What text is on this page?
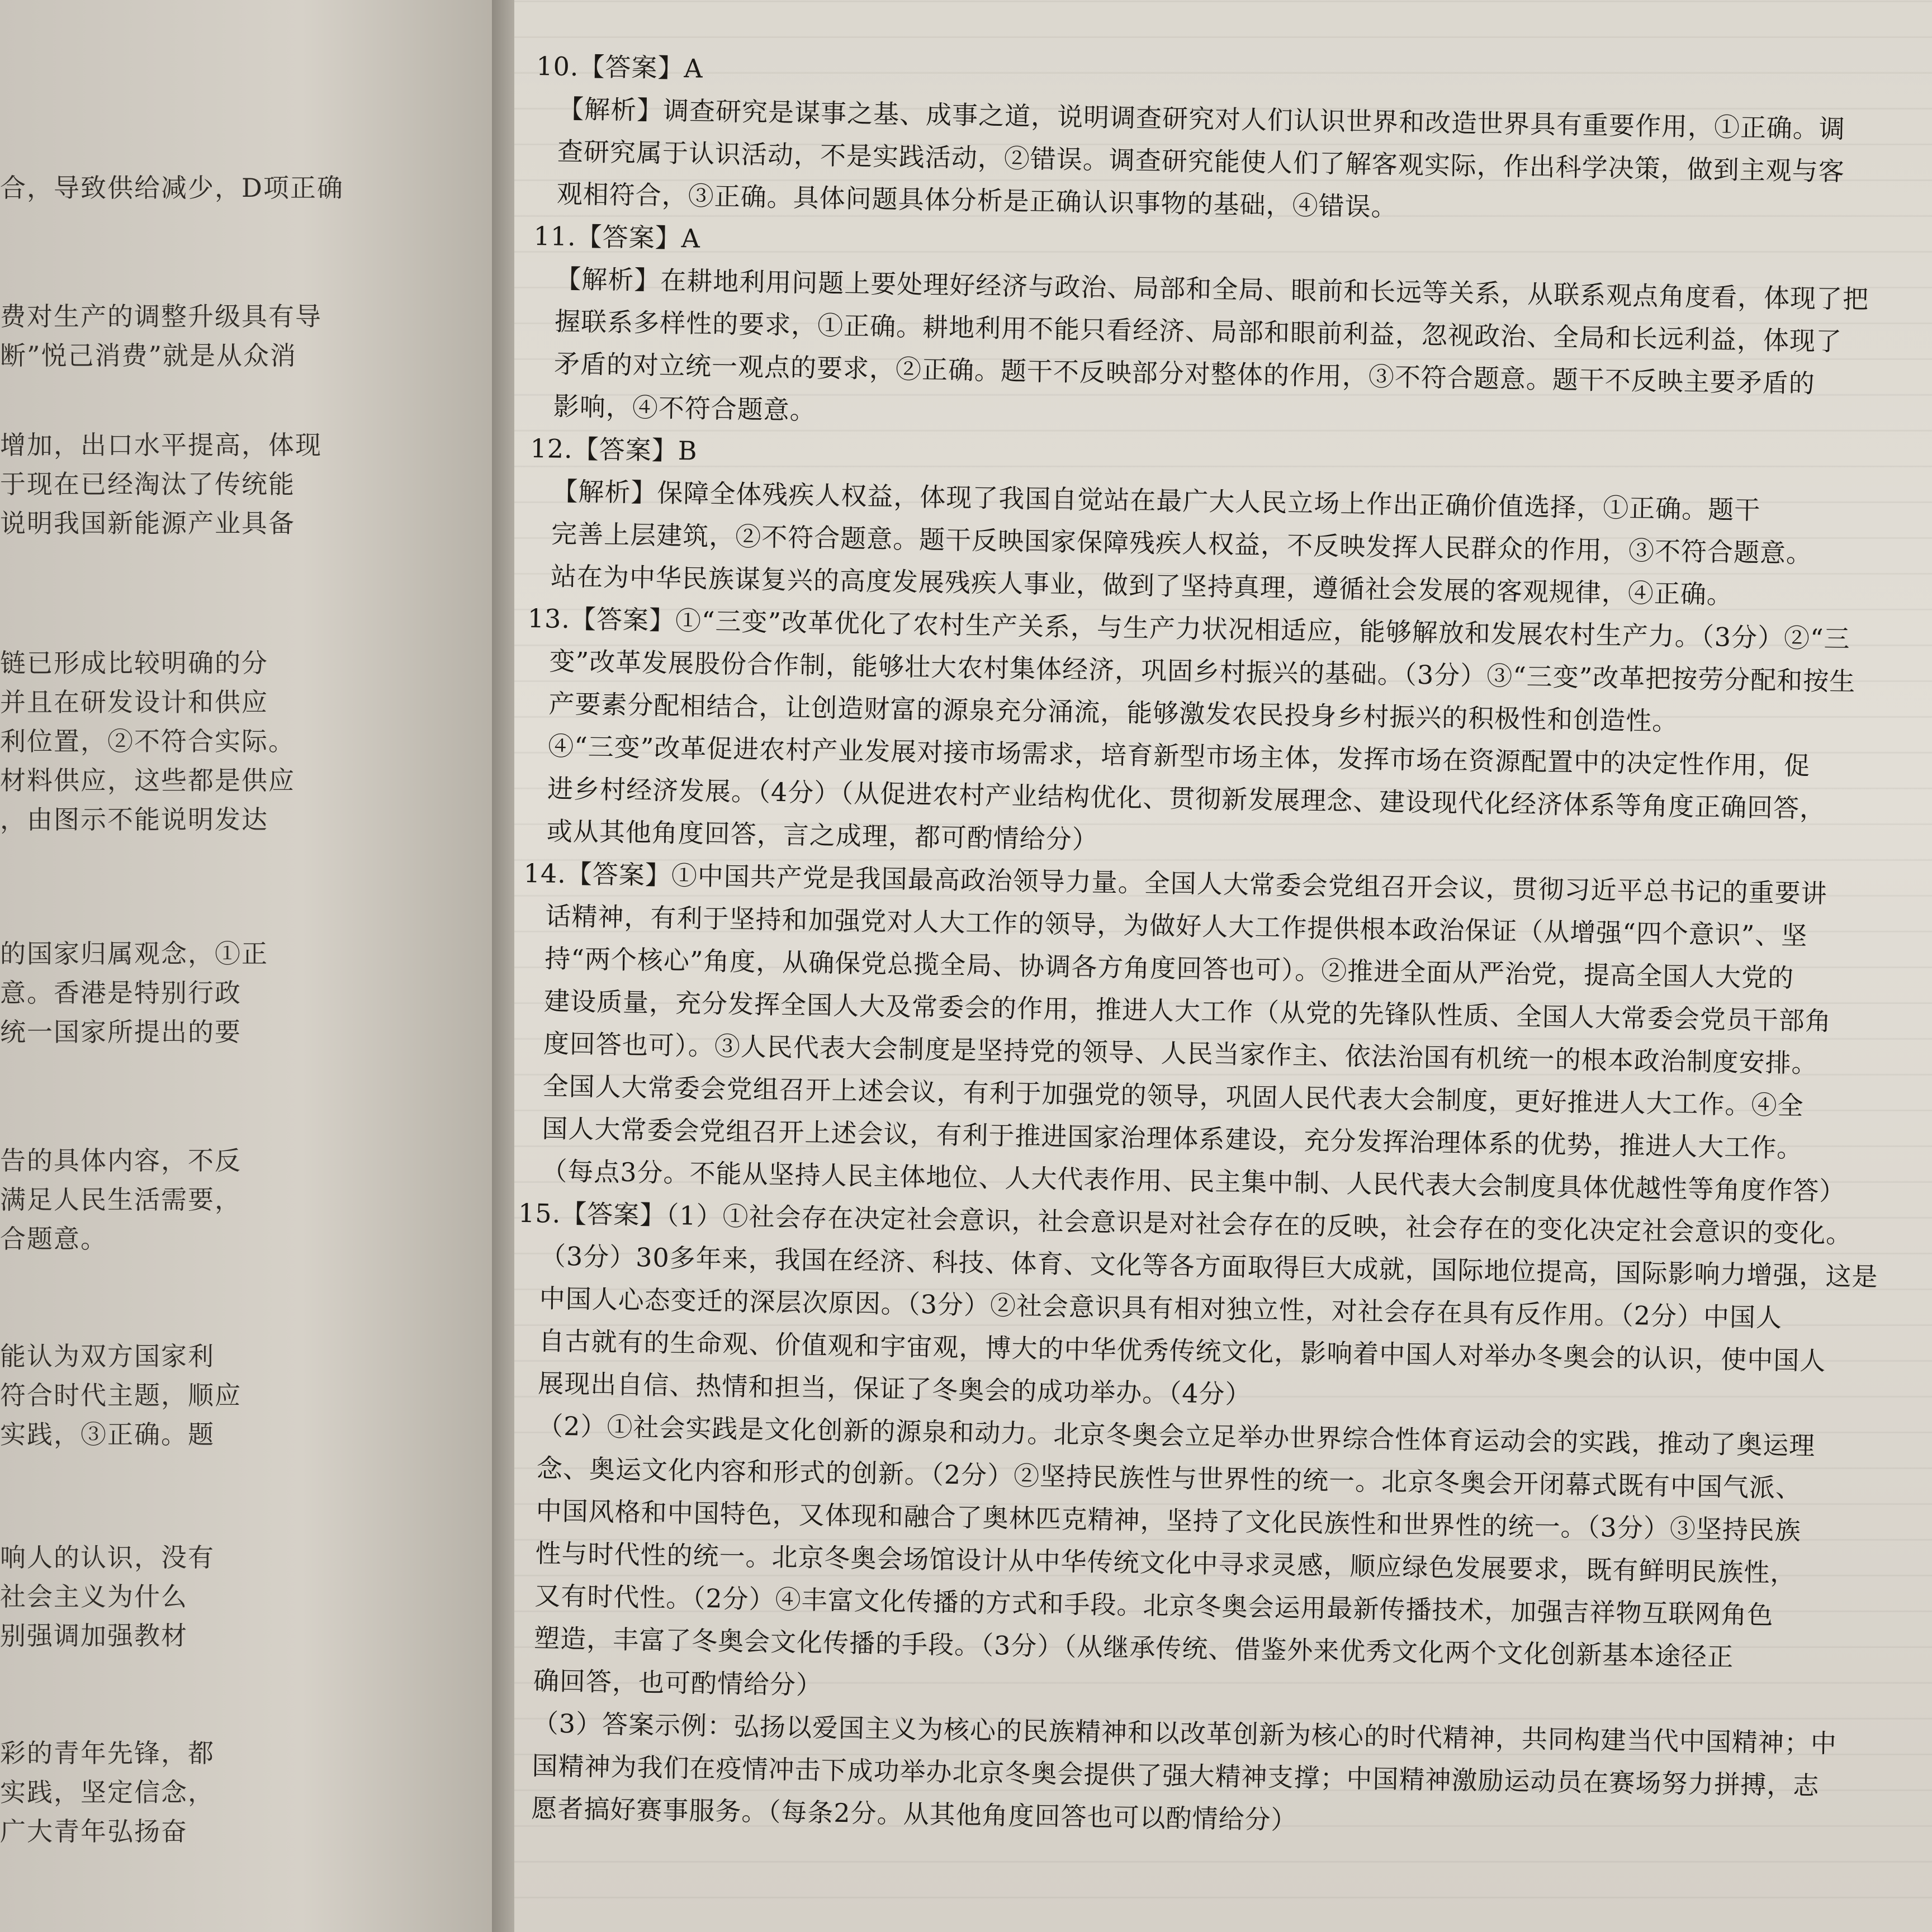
合，导致供给减少，D项正确
费对生产的调整升级具有导
断”悦己消费”就是从众消
增加，出口水平提高，体现
于现在已经淘汰了传统能
说明我国新能源产业具备
链已形成比较明确的分
并且在研发设计和供应
利位置，②不符合实际。
材料供应，这些都是供应
，由图示不能说明发达
的国家归属观念，①正
意。香港是特别行政
统一国家所提出的要
告的具体内容，不反
满足人民生活需要，
合题意。
能认为双方国家利
符合时代主题，顺应
实践，③正确。题
响人的认识，没有
社会主义为什么
别强调加强教材
彩的青年先锋，都
实践，坚定信念，
广大青年弘扬奋
10.【答案】A
【解析】调查研究是谋事之基、成事之道，说明调查研究对人们认识世界和改造世界具有重要作用，①正确。调
查研究属于认识活动，不是实践活动，②错误。调查研究能使人们了解客观实际，作出科学决策，做到主观与客
观相符合，③正确。具体问题具体分析是正确认识事物的基础，④错误。
11.【答案】A
【解析】在耕地利用问题上要处理好经济与政治、局部和全局、眼前和长远等关系，从联系观点角度看，体现了把
握联系多样性的要求，①正确。耕地利用不能只看经济、局部和眼前利益，忽视政治、全局和长远利益，体现了
矛盾的对立统一观点的要求，②正确。题干不反映部分对整体的作用，③不符合题意。题干不反映主要矛盾的
影响，④不符合题意。
12.【答案】B
【解析】保障全体残疾人权益，体现了我国自觉站在最广大人民立场上作出正确价值选择，①正确。题干
完善上层建筑，②不符合题意。题干反映国家保障残疾人权益，不反映发挥人民群众的作用，③不符合题意。
站在为中华民族谋复兴的高度发展残疾人事业，做到了坚持真理，遵循社会发展的客观规律，④正确。
13.【答案】①“三变”改革优化了农村生产关系，与生产力状况相适应，能够解放和发展农村生产力。（3分）②“三
变”改革发展股份合作制，能够壮大农村集体经济，巩固乡村振兴的基础。（3分）③“三变”改革把按劳分配和按生
产要素分配相结合，让创造财富的源泉充分涌流，能够激发农民投身乡村振兴的积极性和创造性。
④“三变”改革促进农村产业发展对接市场需求，培育新型市场主体，发挥市场在资源配置中的决定性作用，促
进乡村经济发展。（4分）（从促进农村产业结构优化、贯彻新发展理念、建设现代化经济体系等角度正确回答，
或从其他角度回答，言之成理，都可酌情给分）
14.【答案】①中国共产党是我国最高政治领导力量。全国人大常委会党组召开会议，贯彻习近平总书记的重要讲
话精神，有利于坚持和加强党对人大工作的领导，为做好人大工作提供根本政治保证（从增强“四个意识”、坚
持“两个核心”角度，从确保党总揽全局、协调各方角度回答也可）。②推进全面从严治党，提高全国人大党的
建设质量，充分发挥全国人大及常委会的作用，推进人大工作（从党的先锋队性质、全国人大常委会党员干部角
度回答也可）。③人民代表大会制度是坚持党的领导、人民当家作主、依法治国有机统一的根本政治制度安排。
全国人大常委会党组召开上述会议，有利于加强党的领导，巩固人民代表大会制度，更好推进人大工作。④全
国人大常委会党组召开上述会议，有利于推进国家治理体系建设，充分发挥治理体系的优势，推进人大工作。
（每点3分。不能从坚持人民主体地位、人大代表作用、民主集中制、人民代表大会制度具体优越性等角度作答）
15.【答案】（1）①社会存在决定社会意识，社会意识是对社会存在的反映，社会存在的变化决定社会意识的变化。
（3分）30多年来，我国在经济、科技、体育、文化等各方面取得巨大成就，国际地位提高，国际影响力增强，这是
中国人心态变迁的深层次原因。（3分）②社会意识具有相对独立性，对社会存在具有反作用。（2分）中国人
自古就有的生命观、价值观和宇宙观，博大的中华优秀传统文化，影响着中国人对举办冬奥会的认识，使中国人
展现出自信、热情和担当，保证了冬奥会的成功举办。（4分）
（2）①社会实践是文化创新的源泉和动力。北京冬奥会立足举办世界综合性体育运动会的实践，推动了奥运理
念、奥运文化内容和形式的创新。（2分）②坚持民族性与世界性的统一。北京冬奥会开闭幕式既有中国气派、
中国风格和中国特色，又体现和融合了奥林匹克精神，坚持了文化民族性和世界性的统一。（3分）③坚持民族
性与时代性的统一。北京冬奥会场馆设计从中华传统文化中寻求灵感，顺应绿色发展要求，既有鲜明民族性，
又有时代性。（2分）④丰富文化传播的方式和手段。北京冬奥会运用最新传播技术，加强吉祥物互联网角色
塑造，丰富了冬奥会文化传播的手段。（3分）（从继承传统、借鉴外来优秀文化两个文化创新基本途径正
确回答，也可酌情给分）
（3）答案示例：弘扬以爱国主义为核心的民族精神和以改革创新为核心的时代精神，共同构建当代中国精神；中
国精神为我们在疫情冲击下成功举办北京冬奥会提供了强大精神支撑；中国精神激励运动员在赛场努力拼搏，志
愿者搞好赛事服务。（每条2分。从其他角度回答也可以酌情给分）
